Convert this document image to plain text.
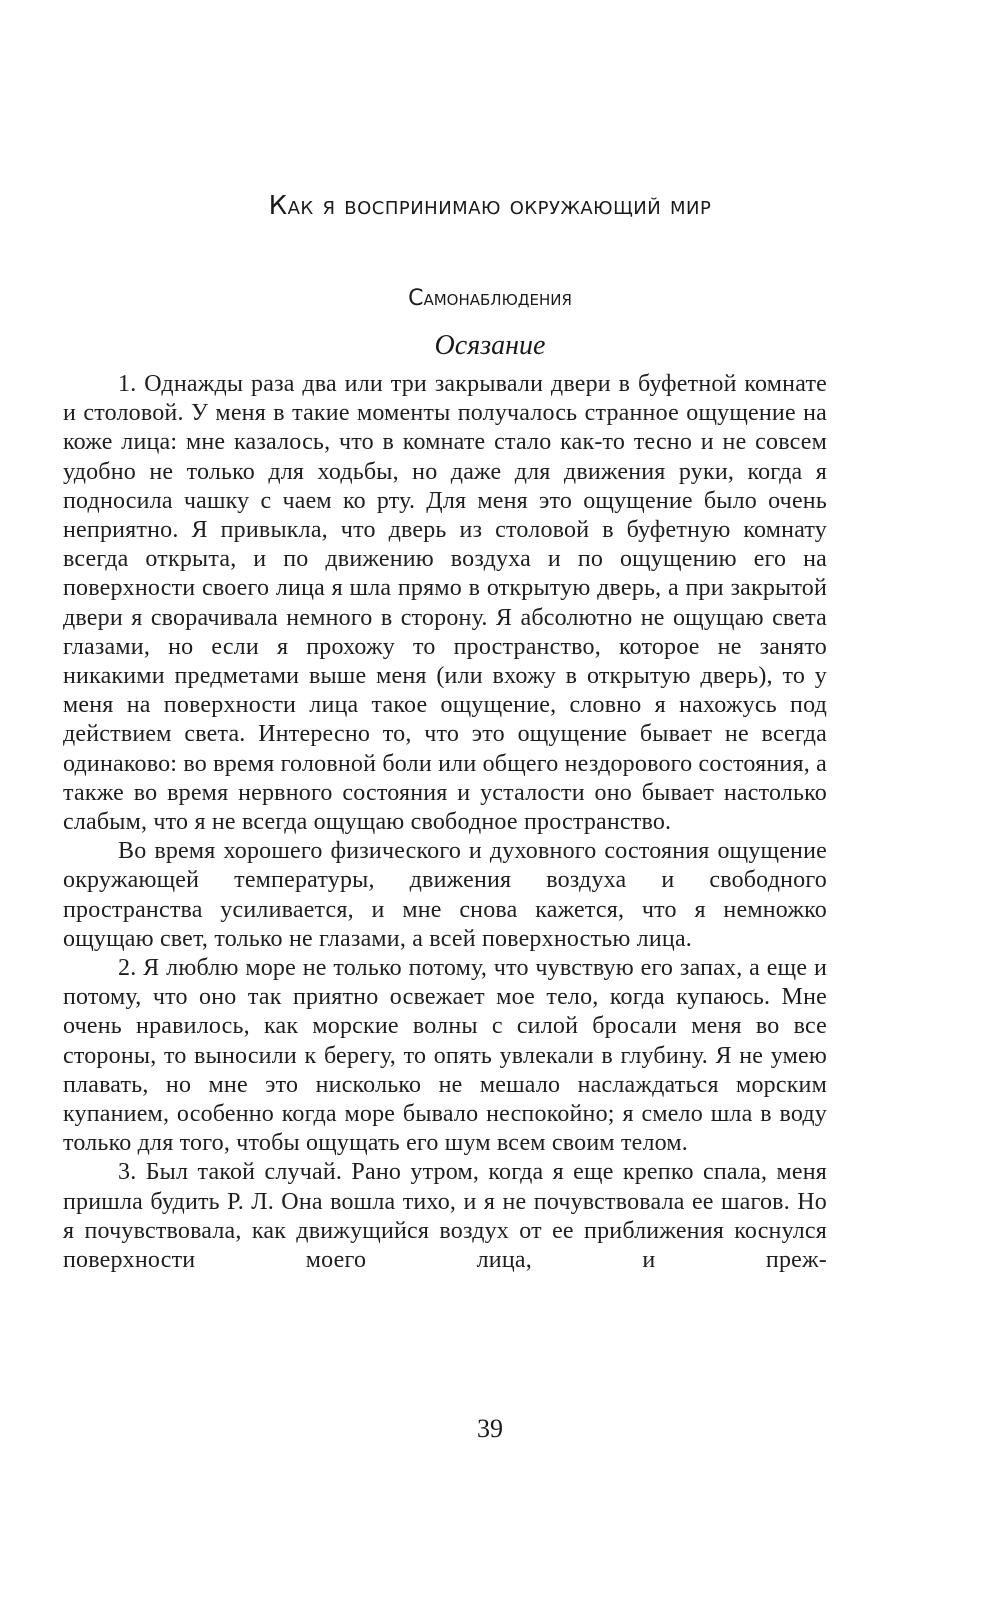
Как я воспринимаю окружающий мир
Самонаблюдения
Осязание

1. Однажды раза два или три закрывали двери в буфетной комнате и столовой. У меня в такие моменты получалось странное ощущение на коже лица: мне казалось, что в комнате стало как-то тесно и не совсем удобно не только для ходьбы, но даже для движения руки, когда я подносила чашку с чаем ко рту. Для меня это ощущение было очень неприятно. Я привыкла, что дверь из столовой в буфетную комнату всегда открыта, и по движению воздуха и по ощущению его на поверхности своего лица я шла прямо в открытую дверь, а при закрытой двери я сворачивала немного в сторону. Я абсолютно не ощущаю света глазами, но если я прохожу то пространство, которое не занято никакими предметами выше меня (или вхожу в открытую дверь), то у меня на поверхности лица такое ощущение, словно я нахожусь под действием света. Интересно то, что это ощущение бывает не всегда одинаково: во время головной боли или общего нездорового состояния, а также во время нервного состояния и усталости оно бывает настолько слабым, что я не всегда ощущаю свободное пространство.

Во время хорошего физического и духовного состояния ощущение окружающей температуры, движения воздуха и свободного пространства усиливается, и мне снова кажется, что я немножко ощущаю свет, только не глазами, а всей поверхностью лица.

2. Я люблю море не только потому, что чувствую его запах, а еще и потому, что оно так приятно освежает мое тело, когда купаюсь. Мне очень нравилось, как морские волны с силой бросали меня во все стороны, то выносили к берегу, то опять увлекали в глубину. Я не умею плавать, но мне это нисколько не мешало наслаждаться морским купанием, особенно когда море бывало неспокойно; я смело шла в воду только для того, чтобы ощущать его шум всем своим телом.

3. Был такой случай. Рано утром, когда я еще крепко спала, меня пришла будить Р. Л. Она вошла тихо, и я не почувствовала ее шагов. Но я почувствовала, как движущийся воздух от ее приближения коснулся поверхности моего лица, и преж-

39
